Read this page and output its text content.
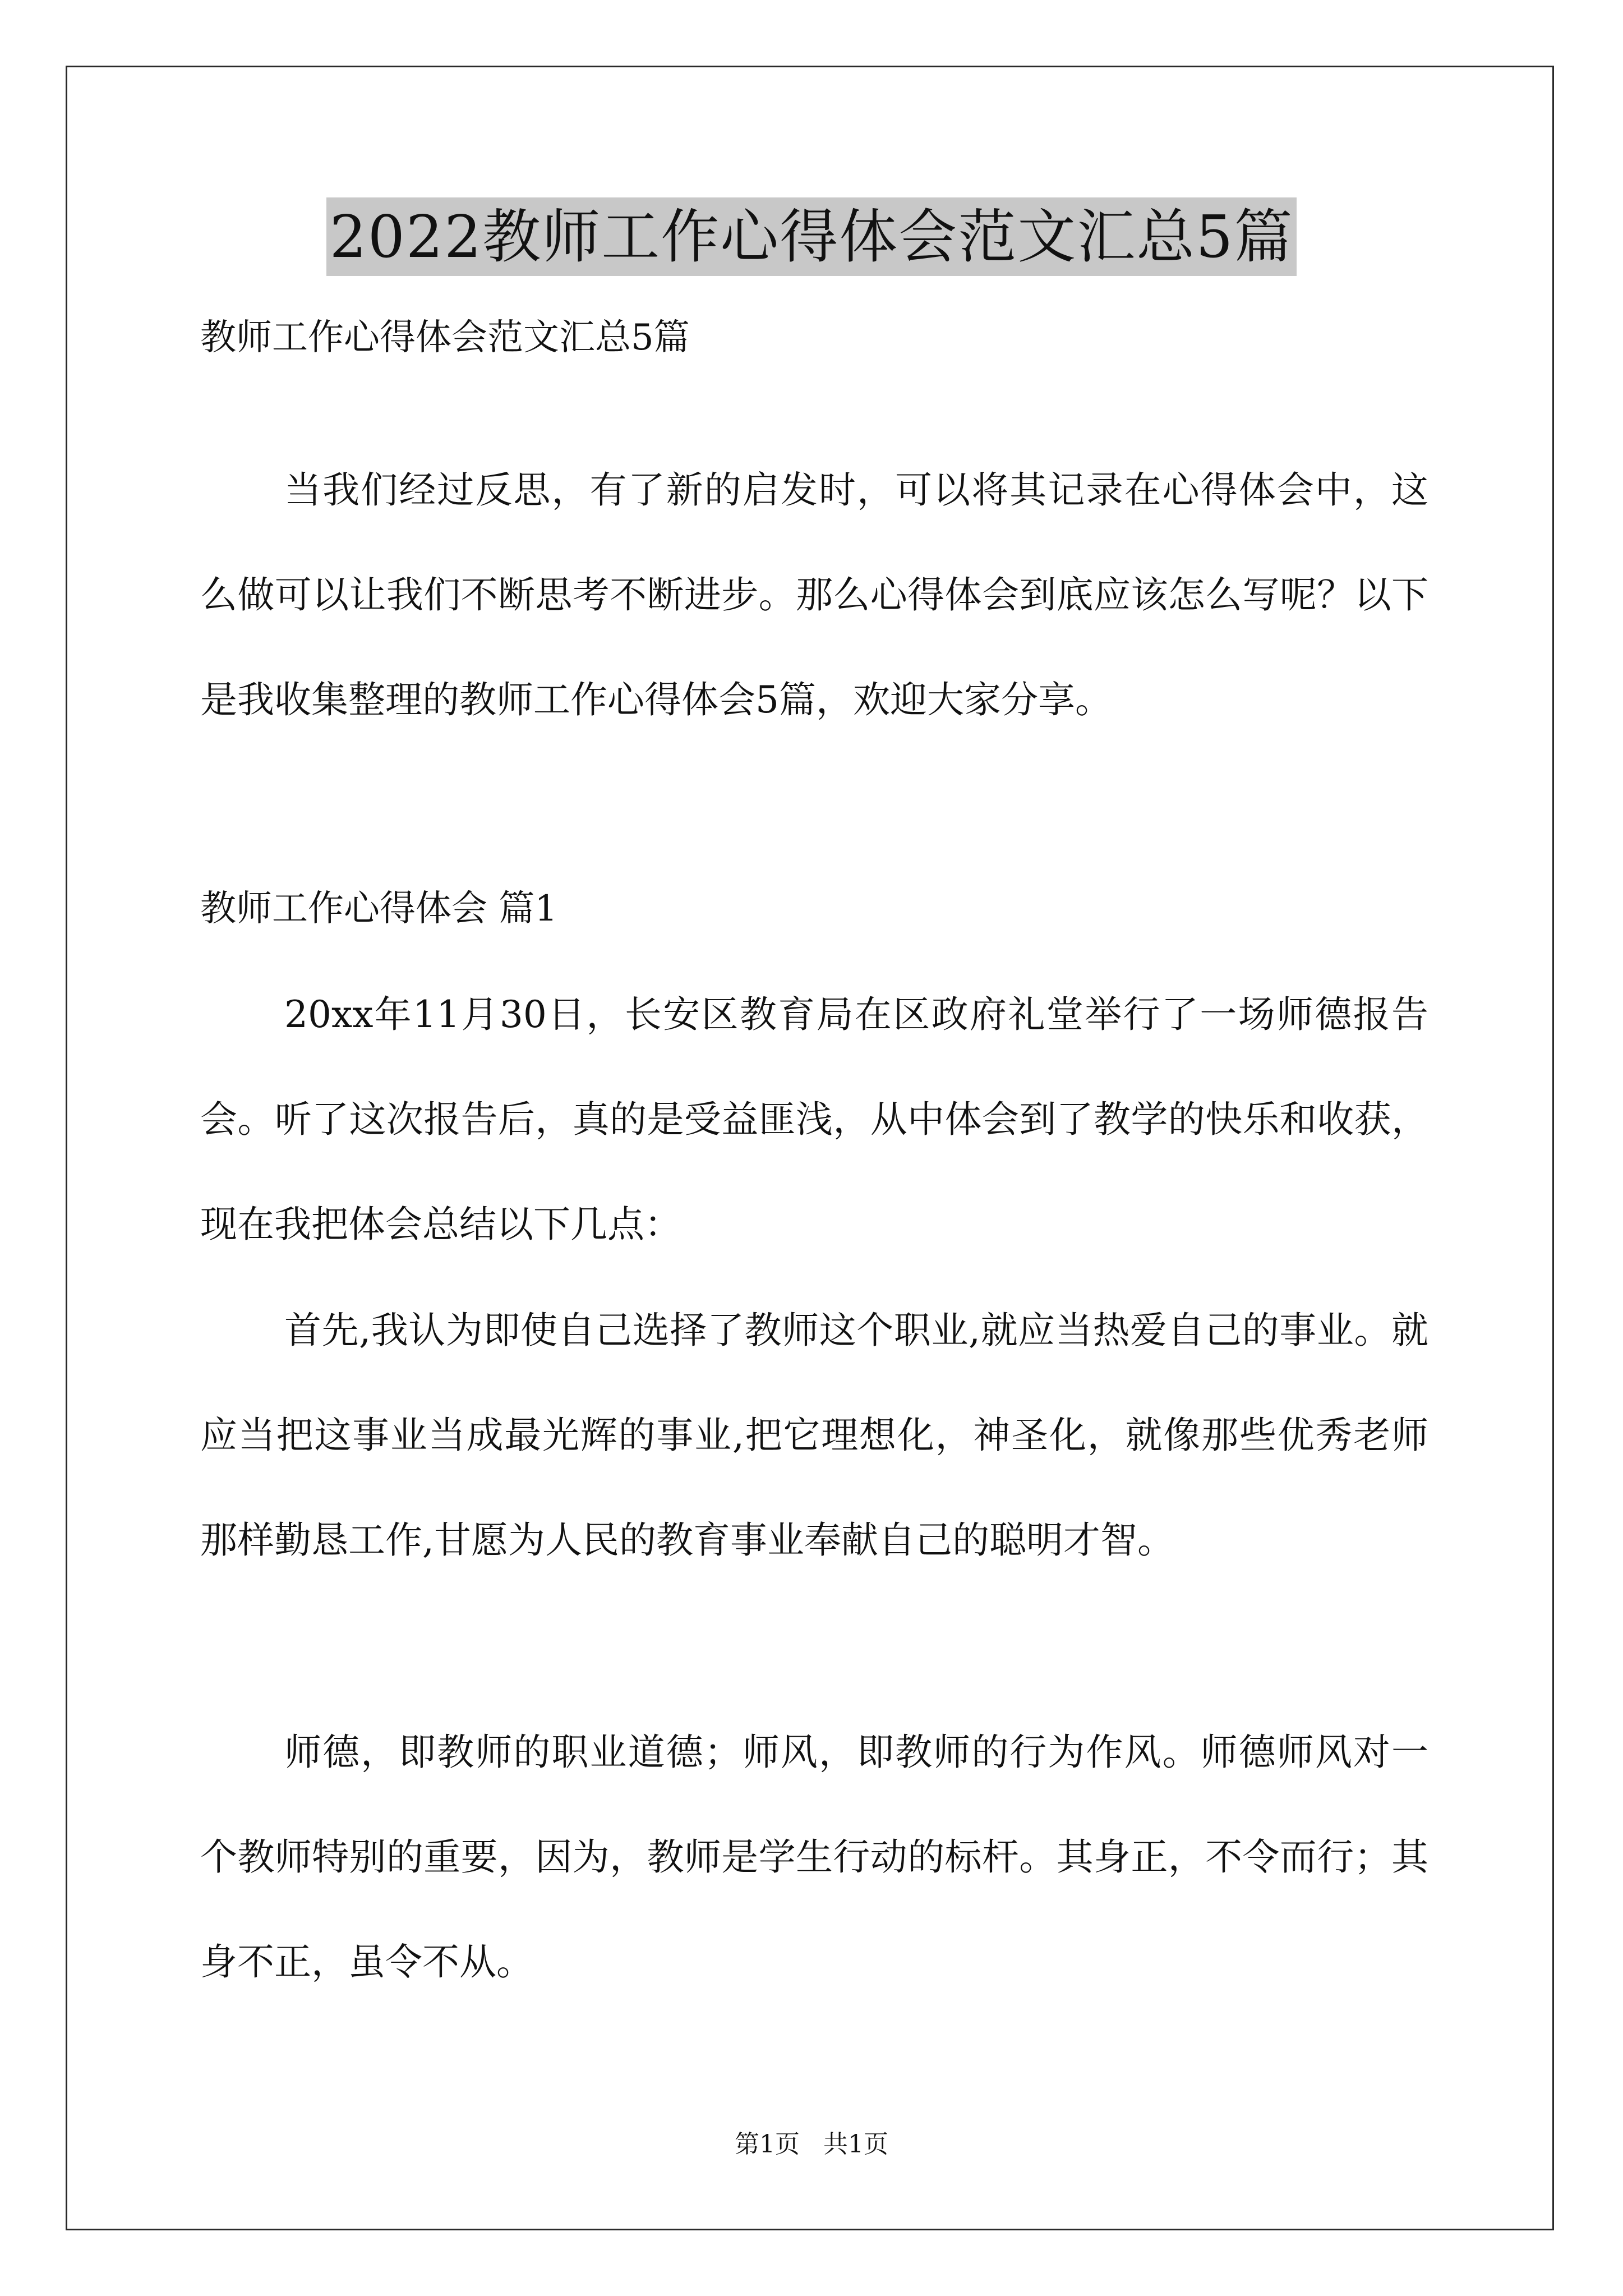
2022教师工作心得体会范文汇总5篇
教师工作心得体会范文汇总5篇

当我们经过反思，有了新的启发时，可以将其记录在心得体会中，这么做可以让我们不断思考不断进步。那么心得体会到底应该怎么写呢？以下是我收集整理的教师工作心得体会5篇，欢迎大家分享。

教师工作心得体会 篇1

20xx年11月30日，长安区教育局在区政府礼堂举行了一场师德报告会。听了这次报告后，真的是受益匪浅，从中体会到了教学的快乐和收获，现在我把体会总结以下几点：

首先,我认为即使自己选择了教师这个职业,就应当热爱自己的事业。就应当把这事业当成最光辉的事业,把它理想化，神圣化，就像那些优秀老师那样勤恳工作,甘愿为人民的教育事业奉献自己的聪明才智。

师德，即教师的职业道德；师风，即教师的行为作风。师德师风对一个教师特别的重要，因为，教师是学生行动的标杆。其身正，不令而行；其身不正，虽令不从。

第1页   共1页
